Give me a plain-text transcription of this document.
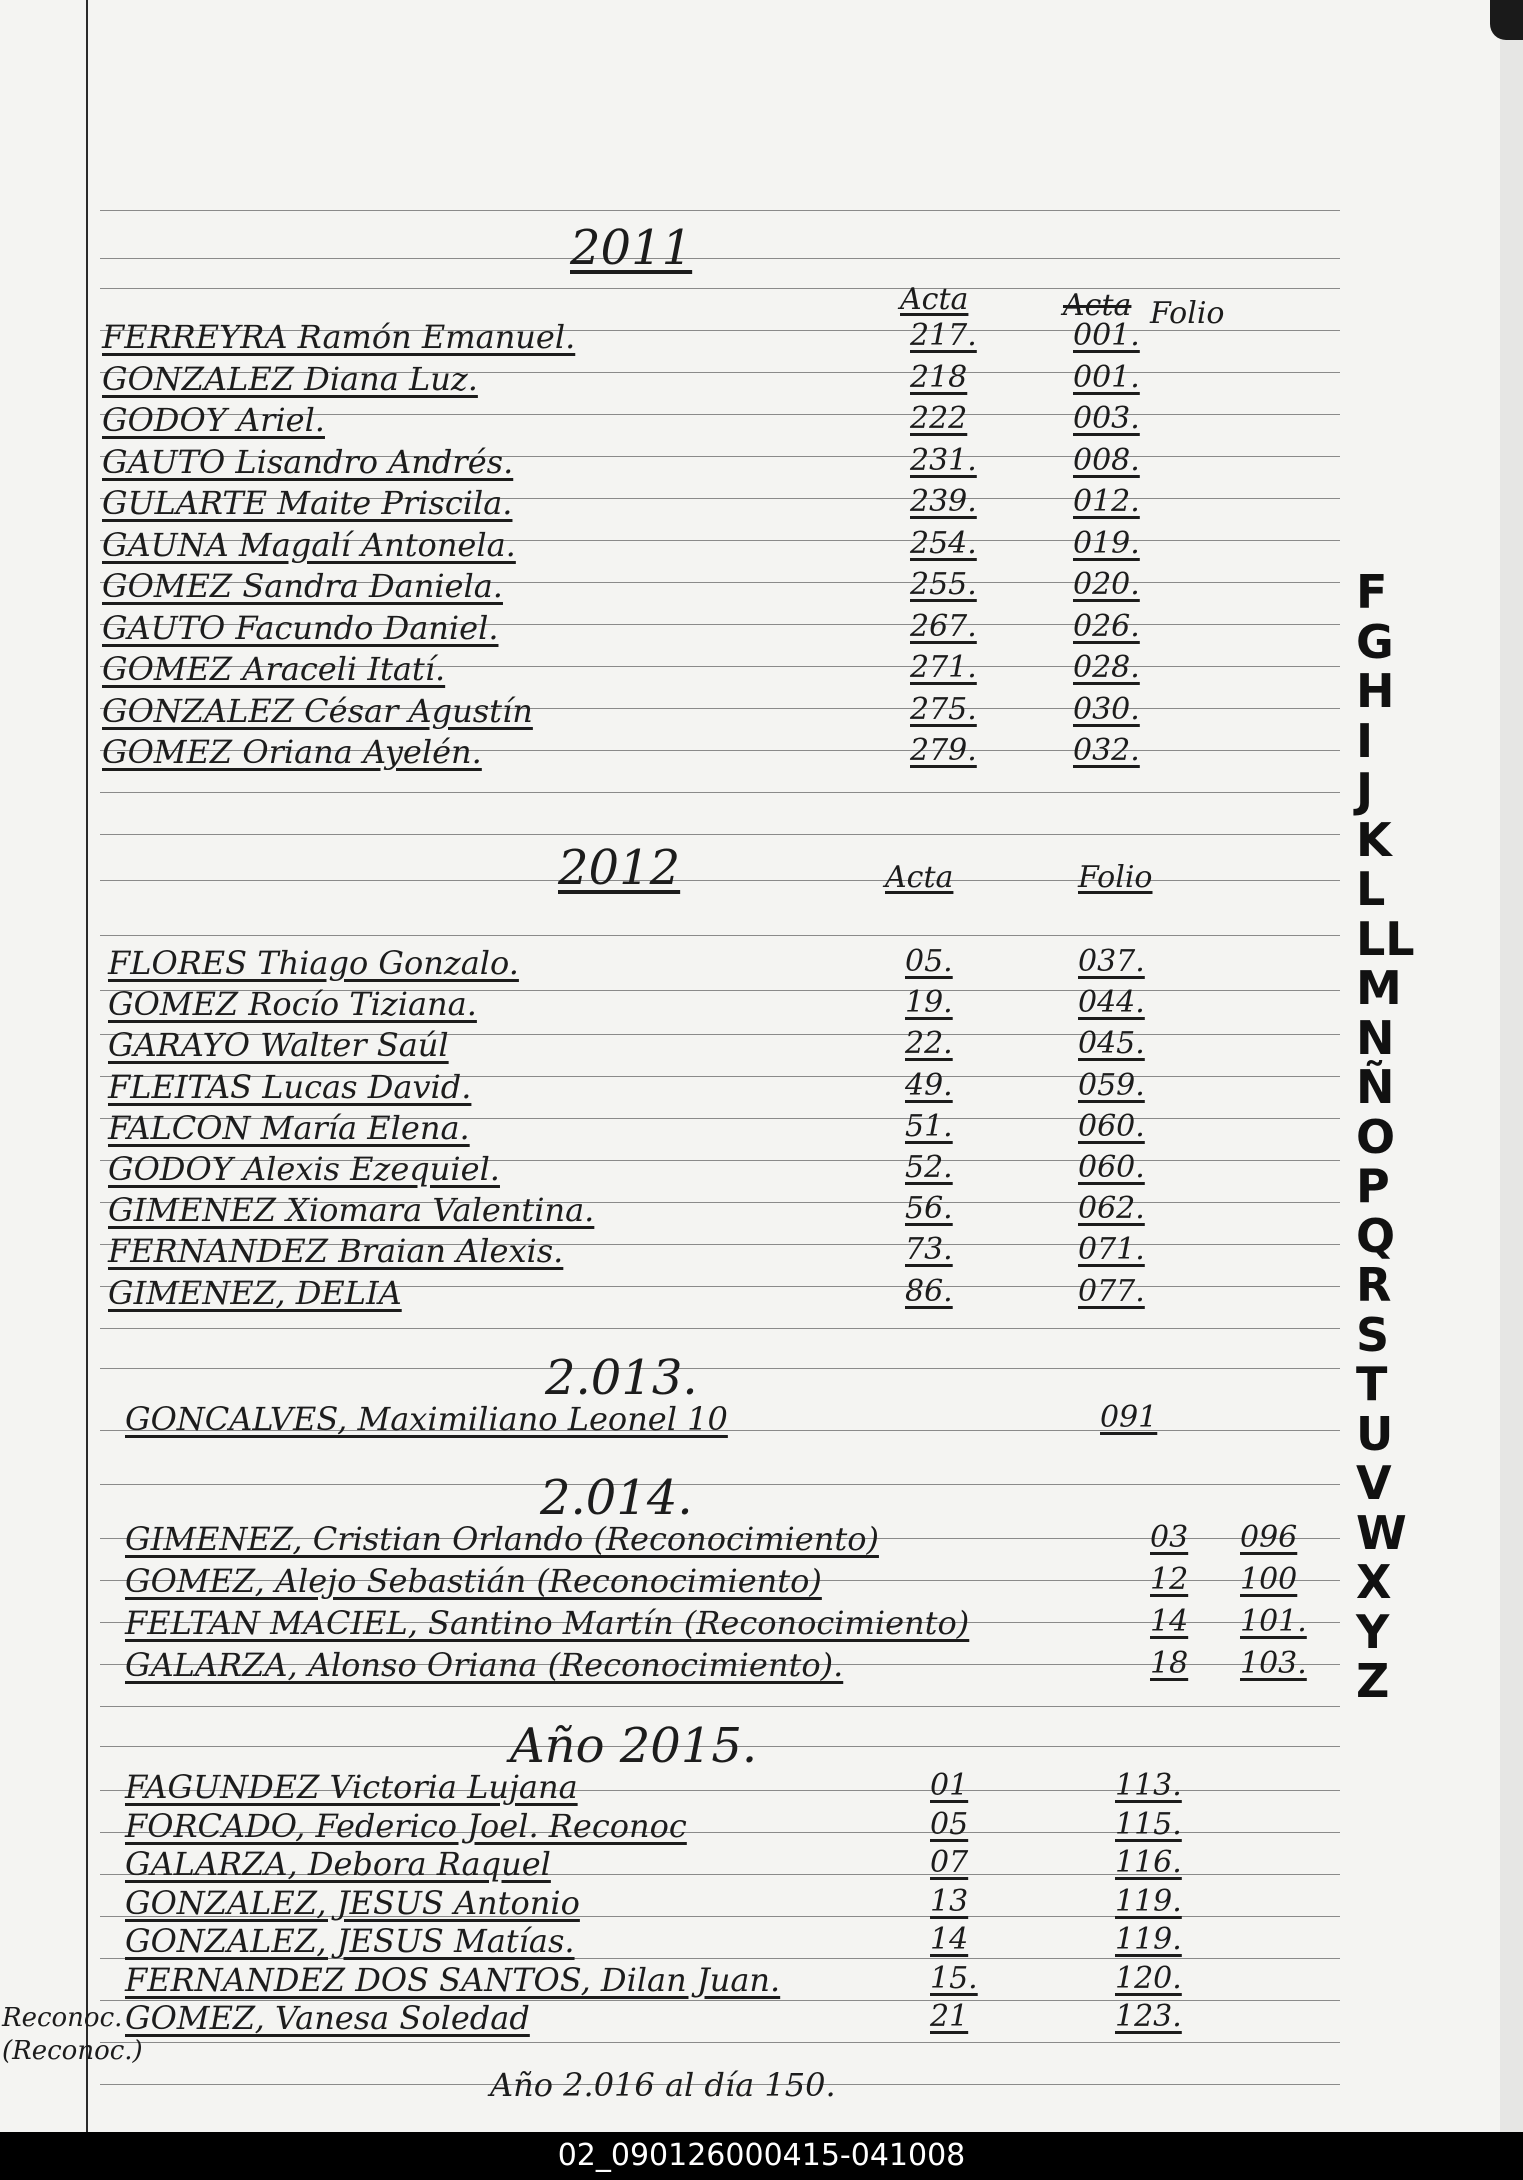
2011
Acta	Acta Folio
FERREYRA Ramón Emanuel.	217.	001.
GONZALEZ Diana Luz.	218	001.
GODOY Ariel.	222	003.
GAUTO Lisandro Andrés.	231.	008.
GULARTE Maite Priscila.	239.	012.
GAUNA Magalí Antonela.	254.	019.
GOMEZ Sandra Daniela.	255.	020.
GAUTO Facundo Daniel.	267.	026.
GOMEZ Araceli Itatí.	271.	028.
GONZALEZ César Agustín	275.	030.
GOMEZ Oriana Ayelén.	279.	032.
2012	Acta	Folio
FLORES Thiago Gonzalo.	05.	037.
GOMEZ Rocío Tiziana.	19.	044.
GARAYO Walter Saúl	22.	045.
FLEITAS Lucas David.	49.	059.
FALCON María Elena.	51.	060.
GODOY Alexis Ezequiel.	52.	060.
GIMENEZ Xiomara Valentina.	56.	062.
FERNANDEZ Braian Alexis.	73.	071.
GIMENEZ, DELIA	86.	077.
2.013.
GONCALVES, Maximiliano Leonel 10	091
2.014.
GIMENEZ, Cristian Orlando (Reconocimiento)	03 096
GOMEZ, Alejo Sebastián (Reconocimiento)	12 100
FELTAN MACIEL, Santino Martín (Reconocimiento)	14 101.
GALARZA, Alonso Oriana (Reconocimiento).	18 103.
Año 2015.
FAGUNDEZ Victoria Lujana	01	113.
FORCADO, Federico Joel. Reconoc	05	115.
GALARZA, Debora Raquel	07	116.
GONZALEZ, JESUS Antonio	13	119.
GONZALEZ, JESUS Matías.	14	119.
FERNANDEZ DOS SANTOS, Dilan Juan.	15.	120.
GOMEZ, Vanesa Soledad	21	123.
Reconoc.
(Reconoc.)
Año 2.016 al día 150.
F
G
H
I
J
K
L
LL
M
N
Ñ
O
P
Q
R
S
T
U
V
W
X
Y
Z
02_090126000415-041008
